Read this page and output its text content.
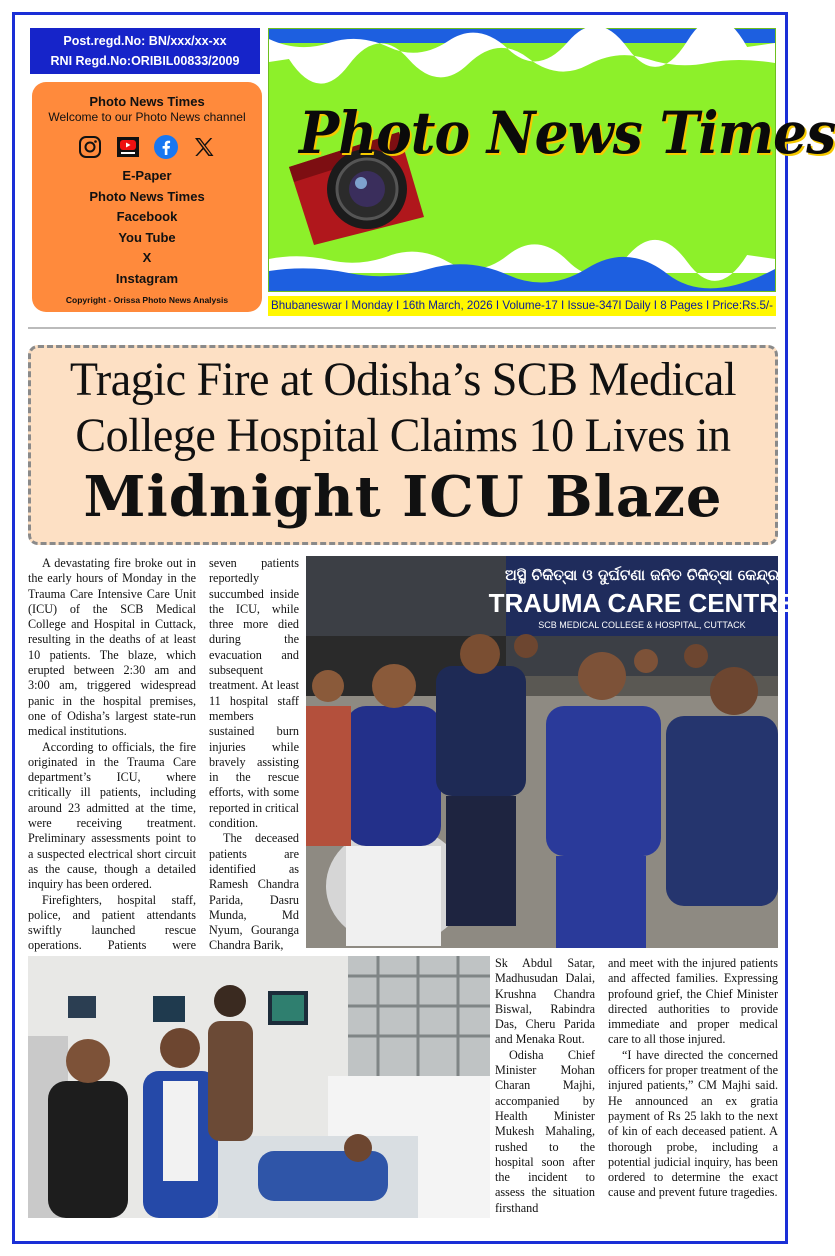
Post.regd.No: BN/xxx/xx-xx
RNI Regd.No:ORIBIL00833/2009
Photo News Times
Welcome to our Photo News channel
E-Paper
Photo News Times
Facebook
You Tube
X
Instagram
Copyright - Orissa Photo News Analysis
Photo News Times
Bhubaneswar I Monday I 16th March, 2026 I Volume-17 I Issue-347I Daily I 8 Pages I Price:Rs.5/-
Tragic Fire at Odisha’s SCB Medical
College Hospital Claims 10 Lives in
Midnight ICU Blaze

A devastating fire broke out in the early hours of Monday in the Trauma Care Intensive Care Unit (ICU) of the SCB Medical College and Hospital in Cuttack, resulting in the deaths of at least 10 patients. The blaze, which erupted between 2:30 am and 3:00 am, triggered widespread panic in the hospital premises, one of Odisha’s largest state-run medical institutions.

According to officials, the fire originated in the Trauma Care department’s ICU, where critically ill patients, including around 23 admitted at the time, were receiving treatment. Preliminary assessments point to a suspected electrical short circuit as the cause, though a detailed inquiry has been ordered.

Firefighters, hospital staff, police, and patient attendants swiftly launched rescue operations. Patients were

seven patients reportedly succumbed inside the ICU, while three more died during the evacuation and subsequent treatment. At least 11 hospital staff members sustained burn injuries while bravely assisting in the rescue efforts, with some reported in critical condition.

The deceased patients are identified as Ramesh Chandra Parida, Dasru Munda, Md Nyum, Gouranga Chandra Barik,

ଅସ୍ଥି ଚିକିତ୍ସା ଓ ଦୁର୍ଘଟଣା ଜନିତ ଚିକିତ୍ସା କେନ୍ଦ୍ର
TRAUMA CARE CENTRE
SCB MEDICAL COLLEGE & HOSPITAL, CUTTACK

Sk Abdul Satar, Madhusudan Dalai, Krushna Chandra Biswal, Rabindra Das, Cheru Parida and Menaka Rout.

Odisha Chief Minister Mohan Charan Majhi, accompanied by Health Minister Mukesh Mahaling, rushed to the hospital soon after the incident to assess the situation firsthand

and meet with the injured patients and affected families. Expressing profound grief, the Chief Minister directed authorities to provide immediate and proper medical care to all those injured.

“I have directed the concerned officers for proper treatment of the injured patients,” CM Majhi said. He announced an ex gratia payment of Rs 25 lakh to the next of kin of each deceased patient. A thorough probe, including a potential judicial inquiry, has been ordered to determine the exact cause and prevent future tragedies.
